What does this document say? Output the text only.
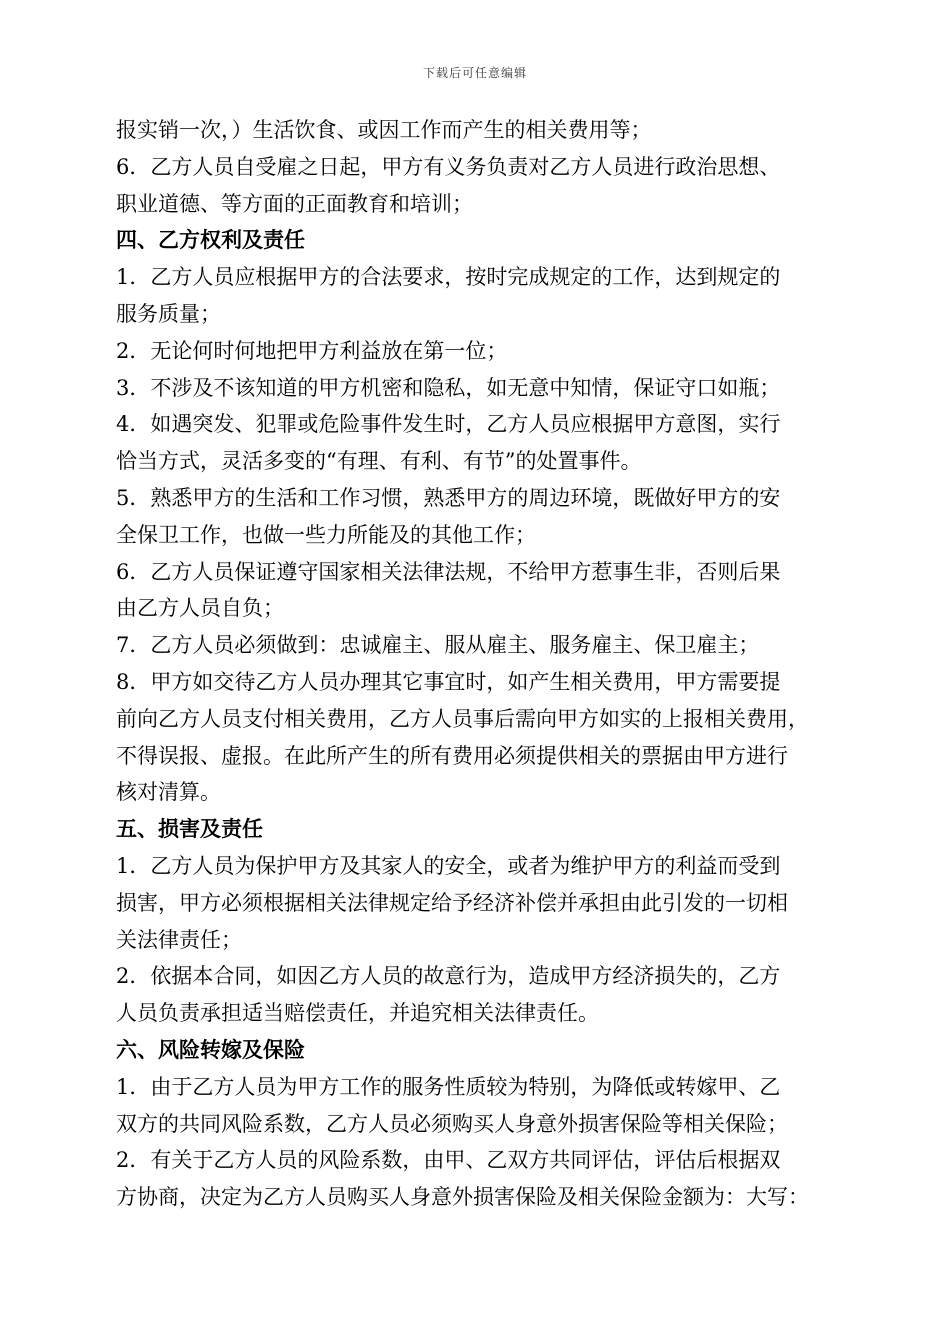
下载后可任意编辑
报实销一次，）生活饮食、或因工作而产生的相关费用等；
6．乙方人员自受雇之日起，甲方有义务负责对乙方人员进行政治思想、
职业道德、等方面的正面教育和培训；
四、乙方权利及责任
1．乙方人员应根据甲方的合法要求，按时完成规定的工作，达到规定的
服务质量；
2．无论何时何地把甲方利益放在第一位；
3．不涉及不该知道的甲方机密和隐私，如无意中知情，保证守口如瓶；
4．如遇突发、犯罪或危险事件发生时，乙方人员应根据甲方意图，实行
恰当方式，灵活多变的“有理、有利、有节”的处置事件。
5．熟悉甲方的生活和工作习惯，熟悉甲方的周边环境，既做好甲方的安
全保卫工作，也做一些力所能及的其他工作；
6．乙方人员保证遵守国家相关法律法规，不给甲方惹事生非，否则后果
由乙方人员自负；
7．乙方人员必须做到：忠诚雇主、服从雇主、服务雇主、保卫雇主；
8．甲方如交待乙方人员办理其它事宜时，如产生相关费用，甲方需要提
前向乙方人员支付相关费用，乙方人员事后需向甲方如实的上报相关费用，
不得误报、虚报。在此所产生的所有费用必须提供相关的票据由甲方进行
核对清算。
五、损害及责任
1．乙方人员为保护甲方及其家人的安全，或者为维护甲方的利益而受到
损害，甲方必须根据相关法律规定给予经济补偿并承担由此引发的一切相
关法律责任；
2．依据本合同，如因乙方人员的故意行为，造成甲方经济损失的，乙方
人员负责承担适当赔偿责任，并追究相关法律责任。
六、风险转嫁及保险
1．由于乙方人员为甲方工作的服务性质较为特别，为降低或转嫁甲、乙
双方的共同风险系数，乙方人员必须购买人身意外损害保险等相关保险；
2．有关于乙方人员的风险系数，由甲、乙双方共同评估，评估后根据双
方协商，决定为乙方人员购买人身意外损害保险及相关保险金额为：大写：
